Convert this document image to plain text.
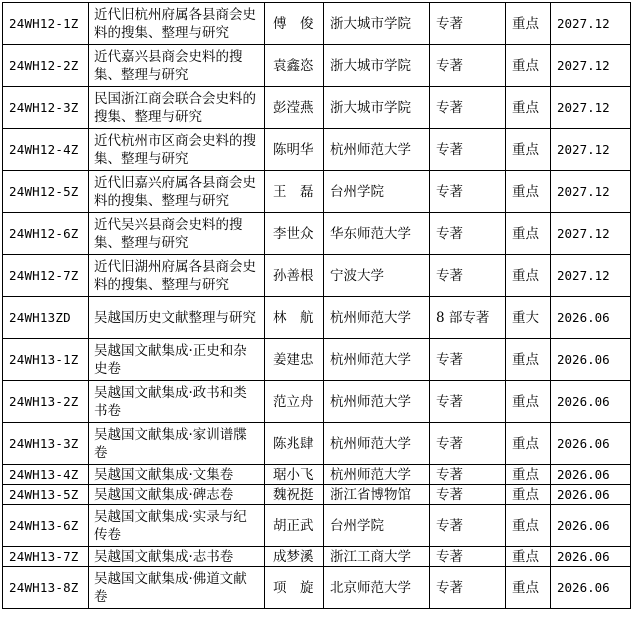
24WH12-1Z	近代旧杭州府属各县商会史料的搜集、整理与研究	傅　俊	浙大城市学院	专著	重点	2027.12
24WH12-2Z	近代嘉兴县商会史料的搜集、整理与研究	袁鑫恣	浙大城市学院	专著	重点	2027.12
24WH12-3Z	民国浙江商会联合会史料的搜集、整理与研究	彭滢燕	浙大城市学院	专著	重点	2027.12
24WH12-4Z	近代杭州市区商会史料的搜集、整理与研究	陈明华	杭州师范大学	专著	重点	2027.12
24WH12-5Z	近代旧嘉兴府属各县商会史料的搜集、整理与研究	王　磊	台州学院	专著	重点	2027.12
24WH12-6Z	近代吴兴县商会史料的搜集、整理与研究	李世众	华东师范大学	专著	重点	2027.12
24WH12-7Z	近代旧湖州府属各县商会史料的搜集、整理与研究	孙善根	宁波大学	专著	重点	2027.12
24WH13ZD	吴越国历史文献整理与研究	林　航	杭州师范大学	8 部专著	重大	2026.06
24WH13-1Z	吴越国文献集成·正史和杂史卷	姜建忠	杭州师范大学	专著	重点	2026.06
24WH13-2Z	吴越国文献集成·政书和类书卷	范立舟	杭州师范大学	专著	重点	2026.06
24WH13-3Z	吴越国文献集成·家训谱牒卷	陈兆肆	杭州师范大学	专著	重点	2026.06
24WH13-4Z	吴越国文献集成·文集卷	琚小飞	杭州师范大学	专著	重点	2026.06
24WH13-5Z	吴越国文献集成·碑志卷	魏祝挺	浙江省博物馆	专著	重点	2026.06
24WH13-6Z	吴越国文献集成·实录与纪传卷	胡正武	台州学院	专著	重点	2026.06
24WH13-7Z	吴越国文献集成·志书卷	成梦溪	浙江工商大学	专著	重点	2026.06
24WH13-8Z	吴越国文献集成·佛道文献卷	项　旋	北京师范大学	专著	重点	2026.06
